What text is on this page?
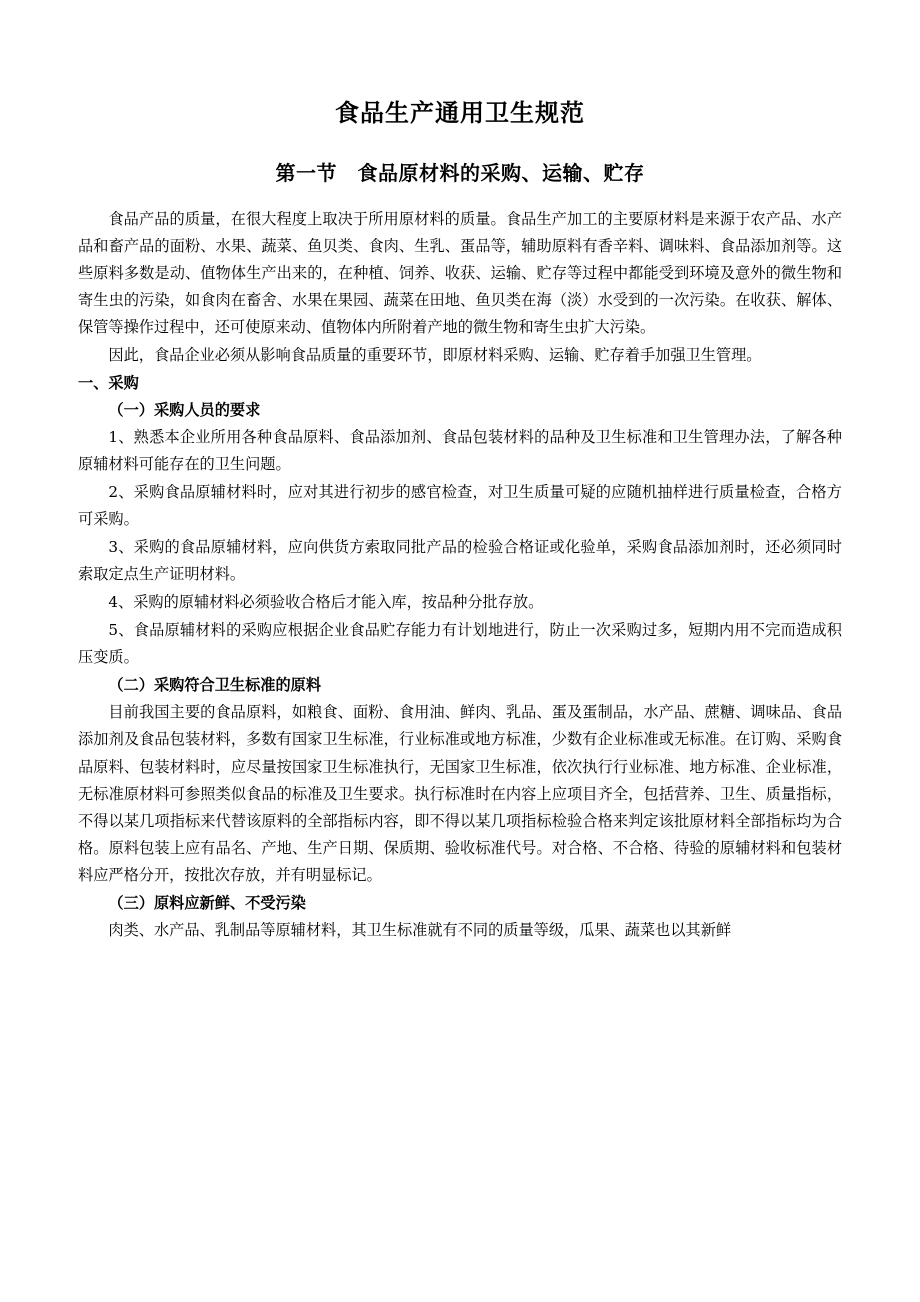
食品生产通用卫生规范
第一节　食品原材料的采购、运输、贮存

食品产品的质量，在很大程度上取决于所用原材料的质量。食品生产加工的主要原材料是来源于农产品、水产品和畜产品的面粉、水果、蔬菜、鱼贝类、食肉、生乳、蛋品等，辅助原料有香辛料、调味料、食品添加剂等。这些原料多数是动、值物体生产出来的，在种植、饲养、收获、运输、贮存等过程中都能受到环境及意外的微生物和寄生虫的污染，如食肉在畜舍、水果在果园、蔬菜在田地、鱼贝类在海（淡）水受到的一次污染。在收获、解体、保管等操作过程中，还可使原来动、值物体内所附着产地的微生物和寄生虫扩大污染。

因此，食品企业必须从影响食品质量的重要环节，即原材料采购、运输、贮存着手加强卫生管理。

一、采购

（一）采购人员的要求

1、熟悉本企业所用各种食品原料、食品添加剂、食品包装材料的品种及卫生标准和卫生管理办法，了解各种原辅材料可能存在的卫生问题。

2、采购食品原辅材料时，应对其进行初步的感官检查，对卫生质量可疑的应随机抽样进行质量检查，合格方可采购。

3、采购的食品原辅材料，应向供货方索取同批产品的检验合格证或化验单，采购食品添加剂时，还必须同时索取定点生产证明材料。

4、采购的原辅材料必须验收合格后才能入库，按品种分批存放。

5、食品原辅材料的采购应根据企业食品贮存能力有计划地进行，防止一次采购过多，短期内用不完而造成积压变质。

（二）采购符合卫生标准的原料

目前我国主要的食品原料，如粮食、面粉、食用油、鲜肉、乳品、蛋及蛋制品，水产品、蔗糖、调味品、食品添加剂及食品包装材料，多数有国家卫生标准，行业标准或地方标准，少数有企业标准或无标准。在订购、采购食品原料、包装材料时，应尽量按国家卫生标准执行，无国家卫生标准，依次执行行业标准、地方标准、企业标准，无标准原材料可参照类似食品的标准及卫生要求。执行标准时在内容上应项目齐全，包括营养、卫生、质量指标，不得以某几项指标来代替该原料的全部指标内容，即不得以某几项指标检验合格来判定该批原材料全部指标均为合格。原料包装上应有品名、产地、生产日期、保质期、验收标准代号。对合格、不合格、待验的原辅材料和包装材料应严格分开，按批次存放，并有明显标记。

（三）原料应新鲜、不受污染

肉类、水产品、乳制品等原辅材料，其卫生标准就有不同的质量等级，瓜果、蔬菜也以其新鲜
